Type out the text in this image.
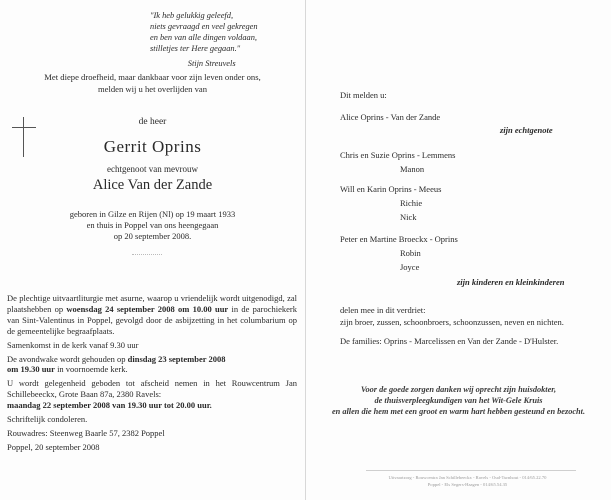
"Ik heb gelukkig geleefd,
niets gevraagd en veel gekregen
en ben van alle dingen voldaan,
stilletjes ter Here gegaan."
Stijn Streuvels
Met diepe droefheid, maar dankbaar voor zijn leven onder ons,
melden wij u het overlijden van
de heer
Gerrit Oprins
echtgenoot van mevrouw
Alice Van der Zande
geboren in Gilze en Rijen (Nl) op 19 maart 1933
en thuis in Poppel van ons heengegaan
op 20 september 2008.

De plechtige uitvaartliturgie met asurne, waarop u vriendelijk wordt uitgenodigd, zal plaatshebben op woensdag 24 september 2008 om 10.00 uur in de parochiekerk van Sint-Valentinus in Poppel, gevolgd door de asbijzetting in het columbarium op de gemeentelijke begraafplaats.

Samenkomst in de kerk vanaf 9.30 uur

De avondwake wordt gehouden op dinsdag 23 september 2008
om 19.30 uur in voornoemde kerk.

U wordt gelegenheid geboden tot afscheid nemen in het Rouwcentrum Jan Schillebeeckx, Grote Baan 87a, 2380 Ravels:
maandag 22 september 2008 van 19.30 uur tot 20.00 uur.

Schriftelijk condoleren.

Rouwadres: Steenweg Baarle 57, 2382 Poppel

Poppel, 20 september 2008

Dit melden u:
Alice Oprins - Van der Zande
zijn echtgenote
Chris en Suzie Oprins - Lemmens
Manon
Will en Karin Oprins - Meeus
Richie
Nick
Peter en Martine Broeckx - Oprins
Robin
Joyce
zijn kinderen en kleinkinderen
delen mee in dit verdriet:
zijn broer, zussen, schoonbroers, schoonzussen, neven en nichten.
De families: Oprins - Marcelissen en Van der Zande - D'Hulster.
Voor de goede zorgen danken wij oprecht zijn huisdokter,
de thuisverpleegkundigen van het Wit-Gele Kruis
en allen die hem met een groot en warm hart hebben gesteund en bezocht.
Uitvaartzorg - Rouwcentra Jan Schillebeeckx - Ravels - Oud-Turnhout - 014/65.22.70
Poppel - Els Segers-Haagen - 014/65.54.35
